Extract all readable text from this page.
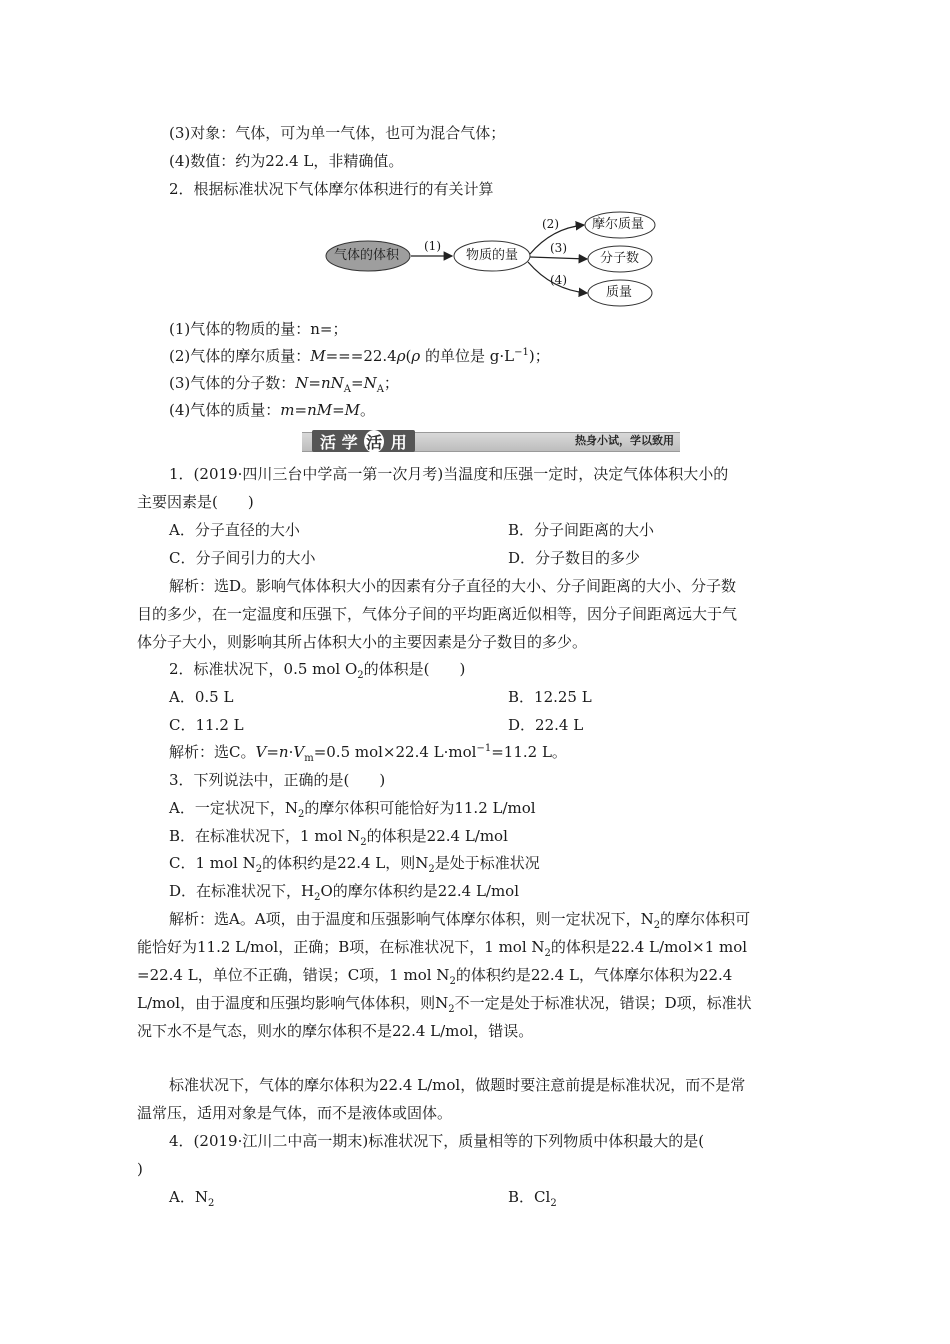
(3)对象：气体，可为单一气体，也可为混合气体；
(4)数值：约为22.4 L，非精确值。
2．根据标准状况下气体摩尔体积进行的有关计算
气体的体积	物质的量
摩尔质量
分子数
质量
(1)
(2)
(3)
(4)
(1)气体的物质的量：n=；
(2)气体的摩尔质量：M===22.4ρ(ρ 的单位是 $g\cdot L^{-1}$)；
(3)气体的分子数：$N=nN_A=N_A$；
(4)气体的质量：m=nM=M。
活 学
活
用	热身小试，学以致用
1．(2019·四川三台中学高一第一次月考)当温度和压强一定时，决定气体体积大小的
主要因素是(　　)
A．分子直径的大小	B．分子间距离的大小
C．分子间引力的大小	D．分子数目的多少
解析：选D。影响气体体积大小的因素有分子直径的大小、分子间距离的大小、分子数
目的多少，在一定温度和压强下，气体分子间的平均距离近似相等，因分子间距离远大于气
体分子大小，则影响其所占体积大小的主要因素是分子数目的多少。
2．标准状况下，0.5 mol $O_2$的体积是(　　)
A．0.5 L	B．12.25 L
C．11.2 L	D．22.4 L
解析：选C。$V=n\cdot V_m=0.5$ mol×22.4 L·mol$^{-1}$=11.2 L。
3．下列说法中，正确的是(　　)
A．一定状况下，$N_2$的摩尔体积可能恰好为11.2 L/mol
B．在标准状况下，1 mol $N_2$的体积是22.4 L/mol
C．1 mol $N_2$的体积约是22.4 L，则$N_2$是处于标准状况
D．在标准状况下，$H_2O$的摩尔体积约是22.4 L/mol
解析：选A。A项，由于温度和压强影响气体摩尔体积，则一定状况下，$N_2$的摩尔体积可
能恰好为11.2 L/mol，正确；B项，在标准状况下，1 mol $N_2$的体积是22.4 L/mol×1 mol
=22.4 L，单位不正确，错误；C项，1 mol $N_2$的体积约是22.4 L，气体摩尔体积为22.4
L/mol，由于温度和压强均影响气体体积，则$N_2$不一定是处于标准状况，错误；D项，标准状
况下水不是气态，则水的摩尔体积不是22.4 L/mol，错误。
标准状况下，气体的摩尔体积为22.4 L/mol，做题时要注意前提是标准状况，而不是常
温常压，适用对象是气体，而不是液体或固体。
4．(2019·江川二中高一期末)标准状况下，质量相等的下列物质中体积最大的是(
)
A．$N_2$	B．$Cl_2$
